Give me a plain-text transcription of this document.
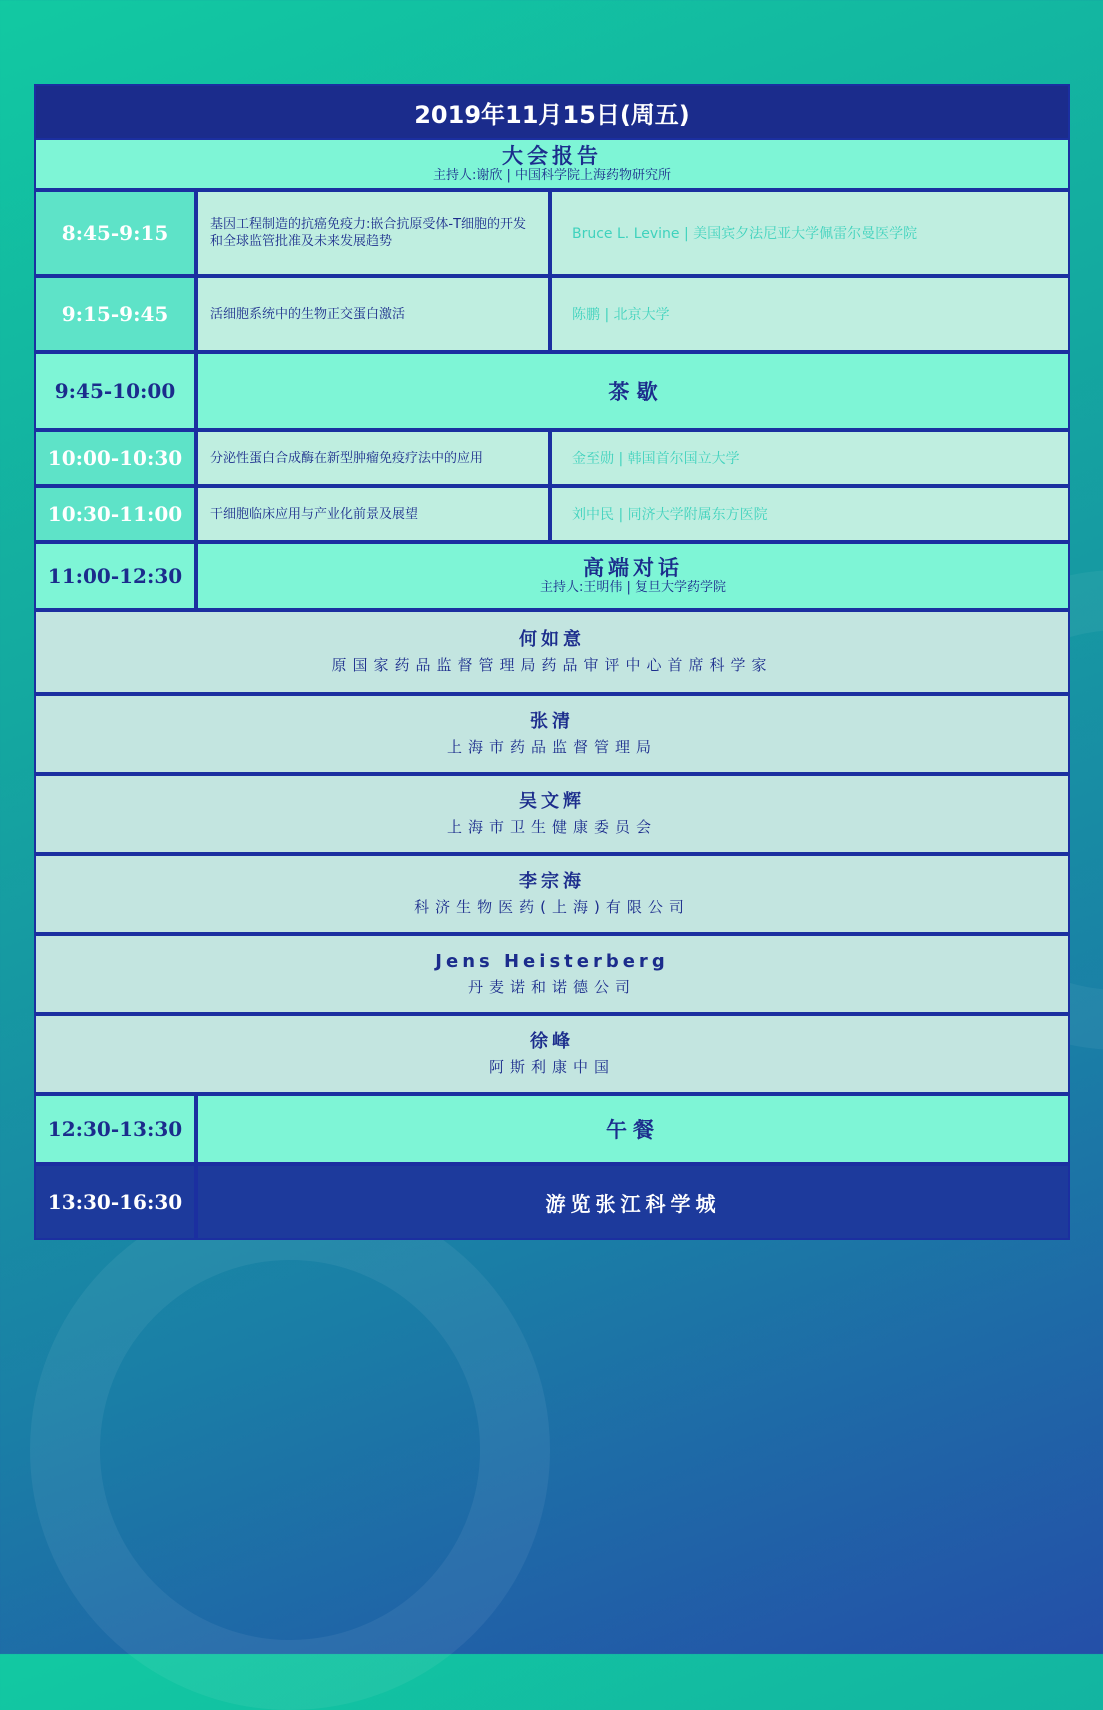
2019年11月15日(周五)
大会报告
主持人:谢欣 | 中国科学院上海药物研究所
8:45-9:15	基因工程制造的抗癌免疫力:嵌合抗原受体-T细胞的开发和全球监管批准及未来发展趋势	Bruce L. Levine | 美国宾夕法尼亚大学佩雷尔曼医学院
9:15-9:45	活细胞系统中的生物正交蛋白激活	陈鹏 | 北京大学
9:45-10:00	茶 歇
10:00-10:30	分泌性蛋白合成酶在新型肿瘤免疫疗法中的应用	金至勋 | 韩国首尔国立大学
10:30-11:00	干细胞临床应用与产业化前景及展望	刘中民 | 同济大学附属东方医院
11:00-12:30	高端对话
主持人:王明伟 | 复旦大学药学院
何如意
原国家药品监督管理局药品审评中心首席科学家
张清
上海市药品监督管理局
吴文辉
上海市卫生健康委员会
李宗海
科济生物医药(上海)有限公司
Jens Heisterberg
丹麦诺和诺德公司
徐峰
阿斯利康中国
12:30-13:30	午餐
13:30-16:30	游览张江科学城
